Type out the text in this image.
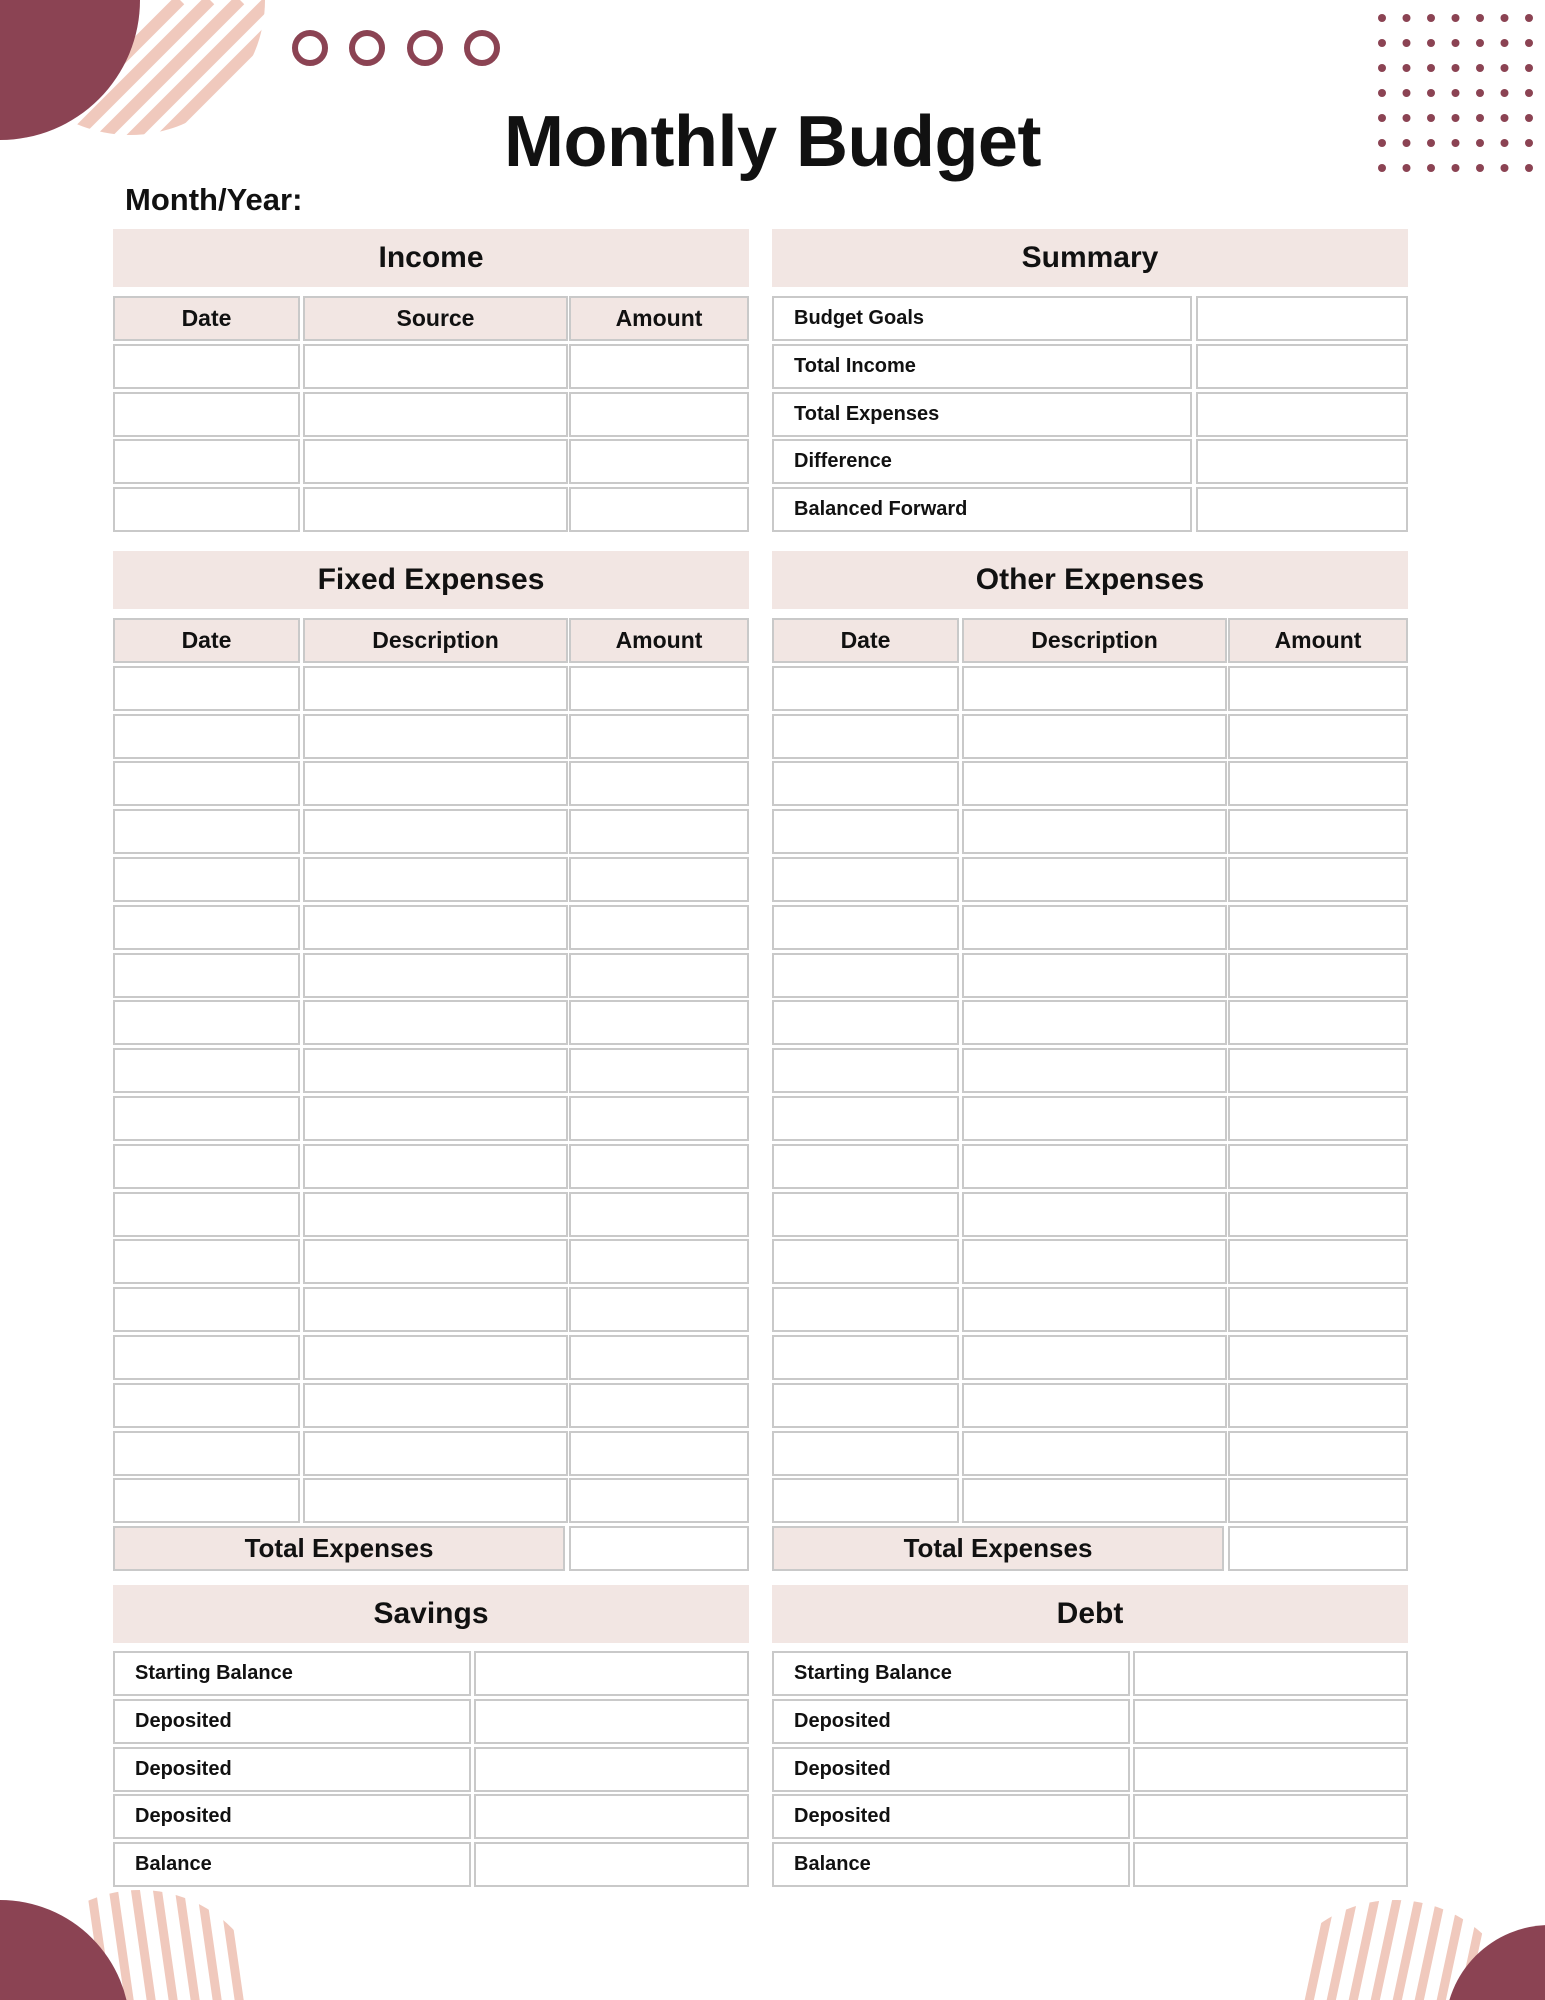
Monthly Budget
Month/Year:
Income
Date	Source	Amount
Summary
Budget Goals
Total Income
Total Expenses
Difference
Balanced Forward
Fixed Expenses
Date	Description	Amount
Total Expenses
Other Expenses
Date	Description	Amount
Total Expenses
Savings
Starting Balance
Deposited
Deposited
Deposited
Balance
Debt
Starting Balance
Deposited
Deposited
Deposited
Balance
